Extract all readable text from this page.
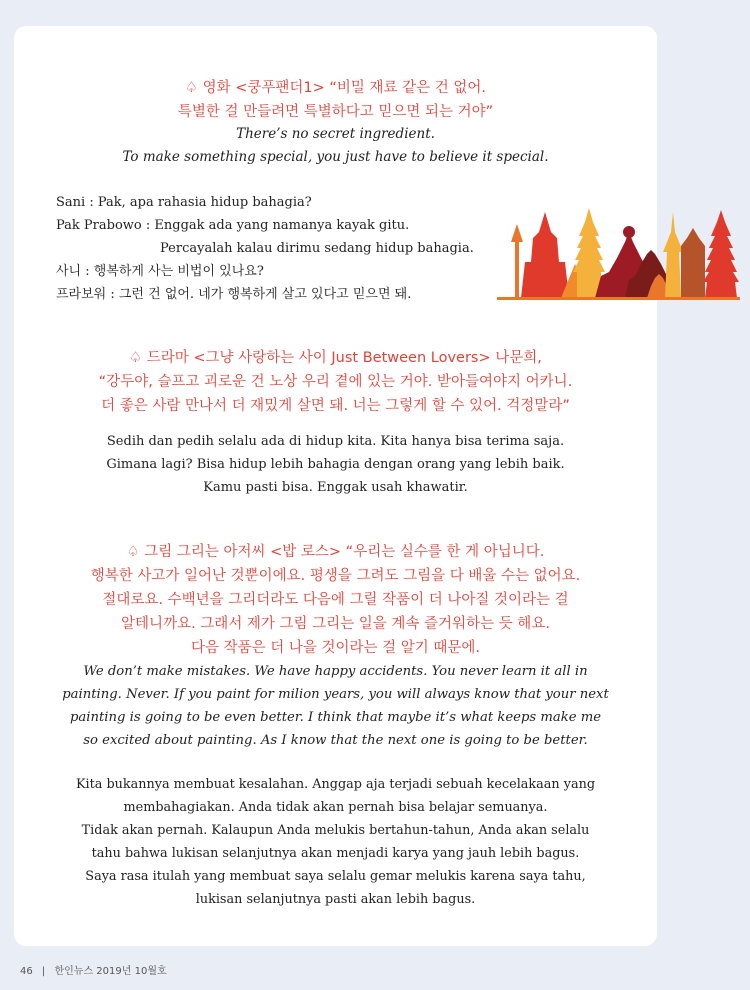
♤ 영화 <쿵푸팬더1> “비밀 재료 같은 건 없어.
특별한 걸 만들려면 특별하다고 믿으면 되는 거야”
There’s no secret ingredient.
To make something special, you just have to believe it special.
Sani : Pak, apa rahasia hidup bahagia?
Pak Prabowo : Enggak ada yang namanya kayak gitu.
Percayalah kalau dirimu sedang hidup bahagia.
사니 : 행복하게 사는 비법이 있나요?
프라보워 : 그런 건 없어. 네가 행복하게 살고 있다고 믿으면 돼.
♤ 드라마 <그냥 사랑하는 사이 Just Between Lovers> 나문희,
“강두야, 슬프고 괴로운 건 노상 우리 곁에 있는 거야. 받아들여야지 어카니.
더 좋은 사람 만나서 더 재밌게 살면 돼. 너는 그렇게 할 수 있어. 걱정말라”
Sedih dan pedih selalu ada di hidup kita. Kita hanya bisa terima saja.
Gimana lagi? Bisa hidup lebih bahagia dengan orang yang lebih baik.
Kamu pasti bisa. Enggak usah khawatir.
♤ 그림 그리는 아저씨 <밥 로스> “우리는 실수를 한 게 아닙니다.
행복한 사고가 일어난 것뿐이에요. 평생을 그려도 그림을 다 배울 수는 없어요.
절대로요. 수백년을 그리더라도 다음에 그릴 작품이 더 나아질 것이라는 걸
알테니까요. 그래서 제가 그림 그리는 일을 계속 즐거워하는 듯 해요.
다음 작품은 더 나을 것이라는 걸 알기 때문에.
We don’t make mistakes. We have happy accidents. You never learn it all in
painting. Never. If you paint for milion years, you will always know that your next
painting is going to be even better. I think that maybe it’s what keeps make me
so excited about painting. As I know that the next one is going to be better.
Kita bukannya membuat kesalahan. Anggap aja terjadi sebuah kecelakaan yang
membahagiakan. Anda tidak akan pernah bisa belajar semuanya.
Tidak akan pernah. Kalaupun Anda melukis bertahun-tahun, Anda akan selalu
tahu bahwa lukisan selanjutnya akan menjadi karya yang jauh lebih bagus.
Saya rasa itulah yang membuat saya selalu gemar melukis karena saya tahu,
lukisan selanjutnya pasti akan lebih bagus.
46 | 한인뉴스 2019년 10월호
